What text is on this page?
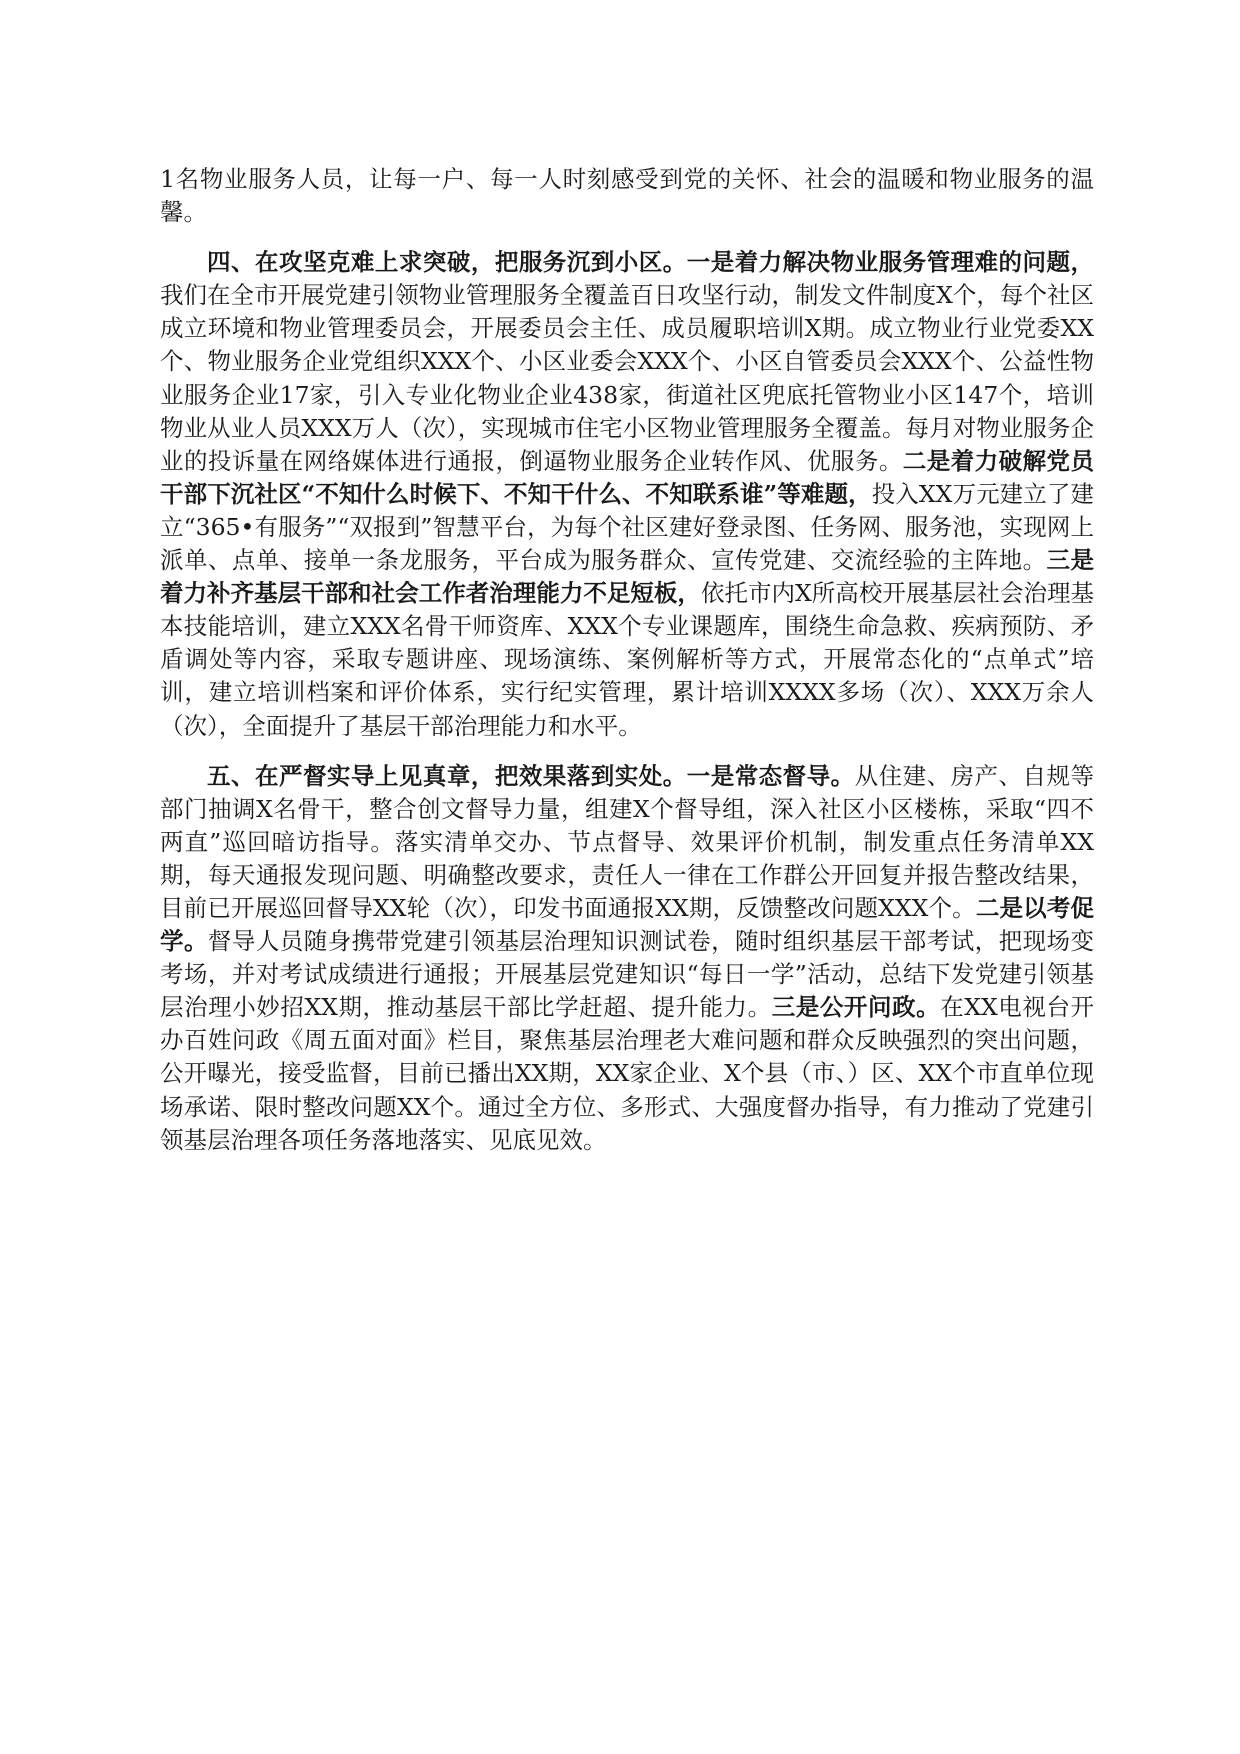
1名物业服务人员，让每一户、每一人时刻感受到党的关怀、社会的温暖和物业服务的温馨。

四、在攻坚克难上求突破，把服务沉到小区。一是着力解决物业服务管理难的问题，我们在全市开展党建引领物业管理服务全覆盖百日攻坚行动，制发文件制度X个，每个社区成立环境和物业管理委员会，开展委员会主任、成员履职培训X期。成立物业行业党委XX个、物业服务企业党组织XXX个、小区业委会XXX个、小区自管委员会XXX个、公益性物业服务企业17家，引入专业化物业企业438家，街道社区兜底托管物业小区147个，培训物业从业人员XXX万人（次），实现城市住宅小区物业管理服务全覆盖。每月对物业服务企业的投诉量在网络媒体进行通报，倒逼物业服务企业转作风、优服务。二是着力破解党员干部下沉社区“不知什么时候下、不知干什么、不知联系谁”等难题，投入XX万元建立了建立“365•有服务”“双报到”智慧平台，为每个社区建好登录图、任务网、服务池，实现网上派单、点单、接单一条龙服务，平台成为服务群众、宣传党建、交流经验的主阵地。三是着力补齐基层干部和社会工作者治理能力不足短板，依托市内X所高校开展基层社会治理基本技能培训，建立XXX名骨干师资库、XXX个专业课题库，围绕生命急救、疾病预防、矛盾调处等内容，采取专题讲座、现场演练、案例解析等方式，开展常态化的“点单式”培训，建立培训档案和评价体系，实行纪实管理，累计培训XXXX多场（次）、XXX万余人（次），全面提升了基层干部治理能力和水平。

五、在严督实导上见真章，把效果落到实处。一是常态督导。从住建、房产、自规等部门抽调X名骨干，整合创文督导力量，组建X个督导组，深入社区小区楼栋，采取“四不两直”巡回暗访指导。落实清单交办、节点督导、效果评价机制，制发重点任务清单XX期，每天通报发现问题、明确整改要求，责任人一律在工作群公开回复并报告整改结果，目前已开展巡回督导XX轮（次），印发书面通报XX期，反馈整改问题XXX个。二是以考促学。督导人员随身携带党建引领基层治理知识测试卷，随时组织基层干部考试，把现场变考场，并对考试成绩进行通报；开展基层党建知识“每日一学”活动，总结下发党建引领基层治理小妙招XX期，推动基层干部比学赶超、提升能力。三是公开问政。在XX电视台开办百姓问政《周五面对面》栏目，聚焦基层治理老大难问题和群众反映强烈的突出问题，公开曝光，接受监督，目前已播出XX期，XX家企业、X个县（市、）区、XX个市直单位现场承诺、限时整改问题XX个。通过全方位、多形式、大强度督办指导，有力推动了党建引领基层治理各项任务落地落实、见底见效。
